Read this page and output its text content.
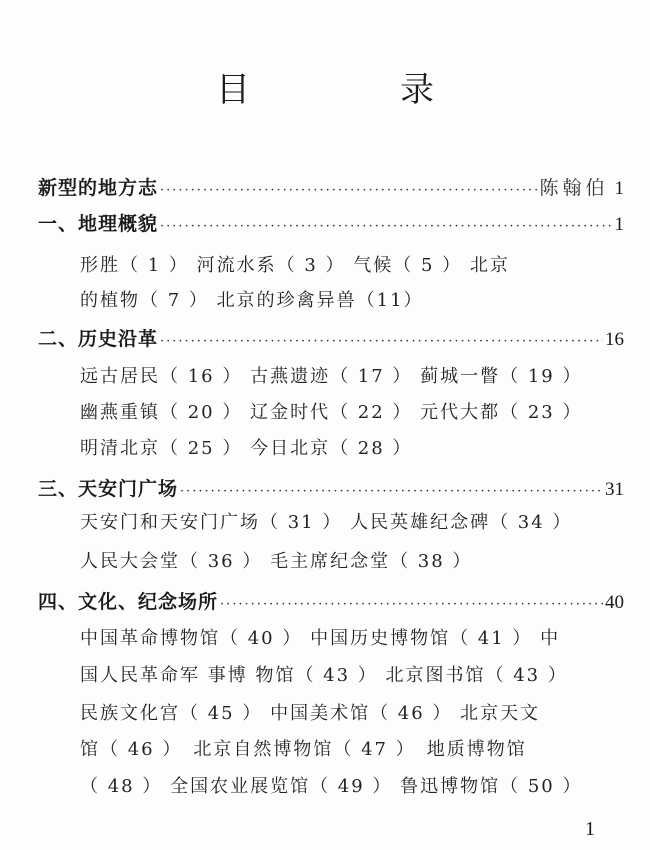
目　录
新型的地方志 ·····	陈翰伯 1
一、地理概貌 ·····	1
形胜（ 1 ） 河流水系（ 3 ） 气候（ 5 ） 北京
的植物（ 7 ） 北京的珍禽异兽（11）
二、历史沿革 ·····	16
远古居民（ 16 ） 古燕遗迹（ 17 ） 蓟城一瞥（ 19 ）
幽燕重镇（ 20 ） 辽金时代（ 22 ） 元代大都（ 23 ）
明清北京（ 25 ） 今日北京（ 28 ）
三、天安门广场 ·····	31
天安门和天安门广场（ 31 ） 人民英雄纪念碑（ 34 ）
人民大会堂（ 36 ） 毛主席纪念堂（ 38 ）
四、文化、纪念场所 ·····	40
中国革命博物馆（ 40 ） 中国历史博物馆（ 41 ） 中
国人民革命军 事博 物馆（ 43 ） 北京图书馆（ 43 ）
民族文化宫（ 45 ） 中国美术馆（ 46 ） 北京天文
馆（ 46 ）　北京自然博物馆（ 47 ）　地质博物馆
（ 48 ） 全国农业展览馆（ 49 ） 鲁迅博物馆（ 50 ）
1
